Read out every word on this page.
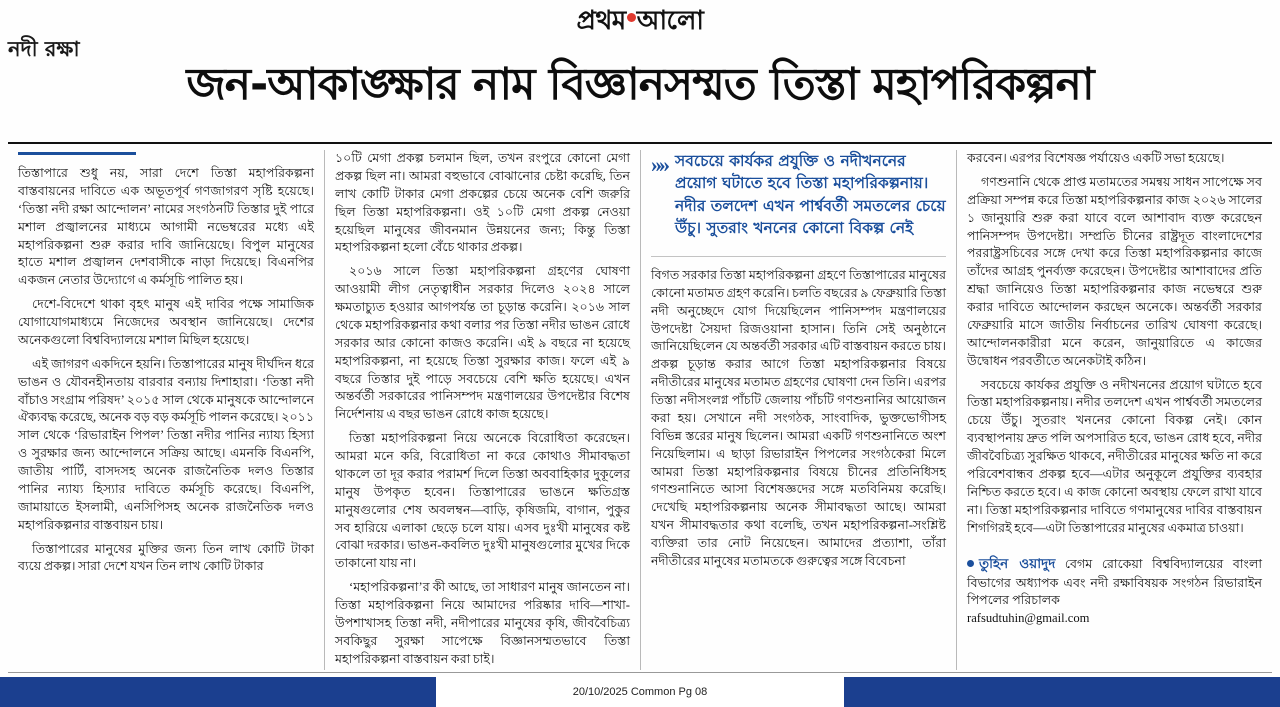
প্রথম আলো
নদী রক্ষা
জন-আকাঙ্ক্ষার নাম বিজ্ঞানসম্মত তিস্তা মহাপরিকল্পনা

তিস্তাপারে শুধু নয়, সারা দেশে তিস্তা মহাপরিকল্পনা বাস্তবায়নের দাবিতে এক অভূতপূর্ব গণজাগরণ সৃষ্টি হয়েছে। ‘তিস্তা নদী রক্ষা আন্দোলন’ নামের সংগঠনটি তিস্তার দুই পারে মশাল প্রজ্বালনের মাধ্যমে আগামী নভেম্বরের মধ্যে এই মহাপরিকল্পনা শুরু করার দাবি জানিয়েছে। বিপুল মানুষের হাতে মশাল প্রজ্বালন দেশবাসীকে নাড়া দিয়েছে। বিএনপির একজন নেতার উদ্যোগে এ কর্মসূচি পালিত হয়।

দেশে-বিদেশে থাকা বৃহৎ মানুষ এই দাবির পক্ষে সামাজিক যোগাযোগমাধ্যমে নিজেদের অবস্থান জানিয়েছে। দেশের অনেকগুলো বিশ্ববিদ্যালয়ে মশাল মিছিল হয়েছে।

এই জাগরণ একদিনে হয়নি। তিস্তাপারের মানুষ দীর্ঘদিন ধরে ভাঙন ও যৌবনহীনতায় বারবার বন্যায় দিশাহারা। ‘তিস্তা নদী বাঁচাও সংগ্রাম পরিষদ’ ২০১৫ সাল থেকে মানুষকে আন্দোলনে ঐক্যবদ্ধ করেছে, অনেক বড় বড় কর্মসূচি পালন করেছে। ২০১১ সাল থেকে ‘রিভারাইন পিপল’ তিস্তা নদীর পানির ন্যায্য হিস্যা ও সুরক্ষার জন্য আন্দোলনে সক্রিয় আছে। এমনকি বিএনপি, জাতীয় পার্টি, বাসদসহ অনেক রাজনৈতিক দলও তিস্তার পানির ন্যায্য হিস্যার দাবিতে কর্মসূচি করেছে। বিএনপি, জামায়াতে ইসলামী, এনসিপিসহ অনেক রাজনৈতিক দলও মহাপরিকল্পনার বাস্তবায়ন চায়।

তিস্তাপারের মানুষের মুক্তির জন্য তিন লাখ কোটি টাকা ব্যয়ে প্রকল্প। সারা দেশে যখন তিন লাখ কোটি টাকার

১০টি মেগা প্রকল্প চলমান ছিল, তখন রংপুরে কোনো মেগা প্রকল্প ছিল না। আমরা বহুভাবে বোঝানোর চেষ্টা করেছি, তিন লাখ কোটি টাকার মেগা প্রকল্পের চেয়ে অনেক বেশি জরুরি ছিল তিস্তা মহাপরিকল্পনা। ওই ১০টি মেগা প্রকল্প নেওয়া হয়েছিল মানুষের জীবনমান উন্নয়নের জন্য; কিন্তু তিস্তা মহাপরিকল্পনা হলো বেঁচে থাকার প্রকল্প।

২০১৬ সালে তিস্তা মহাপরিকল্পনা গ্রহণের ঘোষণা আওয়ামী লীগ নেতৃত্বাধীন সরকার দিলেও ২০২৪ সালে ক্ষমতাচ্যুত হওয়ার আগপর্যন্ত তা চূড়ান্ত করেনি। ২০১৬ সাল থেকে মহাপরিকল্পনার কথা বলার পর তিস্তা নদীর ভাঙন রোধে সরকার আর কোনো কাজও করেনি। এই ৯ বছরে না হয়েছে মহাপরিকল্পনা, না হয়েছে তিস্তা সুরক্ষার কাজ। ফলে এই ৯ বছরে তিস্তার দুই পাড়ে সবচেয়ে বেশি ক্ষতি হয়েছে। এখন অন্তর্বর্তী সরকারের পানিসম্পদ মন্ত্রণালয়ের উপদেষ্টার বিশেষ নির্দেশনায় এ বছর ভাঙন রোধে কাজ হয়েছে।

তিস্তা মহাপরিকল্পনা নিয়ে অনেকে বিরোধিতা করেছেন। আমরা মনে করি, বিরোধিতা না করে কোথাও সীমাবদ্ধতা থাকলে তা দূর করার পরামর্শ দিলে তিস্তা অববাহিকার দুকূলের মানুষ উপকৃত হবেন। তিস্তাপারের ভাঙনে ক্ষতিগ্রস্ত মানুষগুলোর শেষ অবলম্বন—বাড়ি, কৃষিজমি, বাগান, পুকুর সব হারিয়ে এলাকা ছেড়ে চলে যায়। এসব দুঃখী মানুষের কষ্ট বোঝা দরকার। ভাঙন-কবলিত দুঃখী মানুষগুলোর মুখের দিকে তাকানো যায় না।

‘মহাপরিকল্পনা’র কী আছে, তা সাধারণ মানুষ জানতেন না। তিস্তা মহাপরিকল্পনা নিয়ে আমাদের পরিষ্কার দাবি—শাখা-উপশাখাসহ তিস্তা নদী, নদীপারের মানুষের কৃষি, জীববৈচিত্র্য সবকিছুর সুরক্ষা সাপেক্ষে বিজ্ঞানসম্মতভাবে তিস্তা মহাপরিকল্পনা বাস্তবায়ন করা চাই।

»» সবচেয়ে কার্যকর প্রযুক্তি ও নদীখননের প্রয়োগ ঘটাতে হবে তিস্তা মহাপরিকল্পনায়। নদীর তলদেশ এখন পার্শ্ববর্তী সমতলের চেয়ে উঁচু। সুতরাং খননের কোনো বিকল্প নেই

বিগত সরকার তিস্তা মহাপরিকল্পনা গ্রহণে তিস্তাপারের মানুষের কোনো মতামত গ্রহণ করেনি। চলতি বছরের ৯ ফেব্রুয়ারি তিস্তা নদী অনুচ্ছেদে যোগ দিয়েছিলেন পানিসম্পদ মন্ত্রণালয়ের উপদেষ্টা সৈয়দা রিজওয়ানা হাসান। তিনি সেই অনুষ্ঠানে জানিয়েছিলেন যে অন্তর্বর্তী সরকার এটি বাস্তবায়ন করতে চায়। প্রকল্প চূড়ান্ত করার আগে তিস্তা মহাপরিকল্পনার বিষয়ে নদীতীরের মানুষের মতামত গ্রহণের ঘোষণা দেন তিনি। এরপর তিস্তা নদীসংলগ্ন পাঁচটি জেলায় পাঁচটি গণশুনানির আয়োজন করা হয়। সেখানে নদী সংগঠক, সাংবাদিক, ভুক্তভোগীসহ বিভিন্ন স্তরের মানুষ ছিলেন। আমরা একটি গণশুনানিতে অংশ নিয়েছিলাম। এ ছাড়া রিভারাইন পিপলের সংগঠকেরা মিলে আমরা তিস্তা মহাপরিকল্পনার বিষয়ে চীনের প্রতিনিধিসহ গণশুনানিতে আসা বিশেষজ্ঞদের সঙ্গে মতবিনিময় করেছি। দেখেছি মহাপরিকল্পনায় অনেক সীমাবদ্ধতা আছে। আমরা যখন সীমাবদ্ধতার কথা বলেছি, তখন মহাপরিকল্পনা-সংশ্লিষ্ট ব্যক্তিরা তার নোট নিয়েছেন। আমাদের প্রত্যাশা, তাঁরা নদীতীরের মানুষের মতামতকে গুরুত্বের সঙ্গে বিবেচনা

করবেন। এরপর বিশেষজ্ঞ পর্যায়েও একটি সভা হয়েছে।

গণশুনানি থেকে প্রাপ্ত মতামতের সমন্বয় সাধন সাপেক্ষে সব প্রক্রিয়া সম্পন্ন করে তিস্তা মহাপরিকল্পনার কাজ ২০২৬ সালের ১ জানুয়ারি শুরু করা যাবে বলে আশাবাদ ব্যক্ত করেছেন পানিসম্পদ উপদেষ্টা। সম্প্রতি চীনের রাষ্ট্রদূত বাংলাদেশের পররাষ্ট্রসচিবের সঙ্গে দেখা করে তিস্তা মহাপরিকল্পনার কাজে তাঁদের আগ্রহ পুনর্ব্যক্ত করেছেন। উপদেষ্টার আশাবাদের প্রতি শ্রদ্ধা জানিয়েও তিস্তা মহাপরিকল্পনার কাজ নভেম্বরে শুরু করার দাবিতে আন্দোলন করছেন অনেকে। অন্তর্বর্তী সরকার ফেব্রুয়ারি মাসে জাতীয় নির্বাচনের তারিখ ঘোষণা করেছে। আন্দোলনকারীরা মনে করেন, জানুয়ারিতে এ কাজের উদ্বোধন পরবর্তীতে অনেকটাই কঠিন।

সবচেয়ে কার্যকর প্রযুক্তি ও নদীখননের প্রয়োগ ঘটাতে হবে তিস্তা মহাপরিকল্পনায়। নদীর তলদেশ এখন পার্শ্ববর্তী সমতলের চেয়ে উঁচু। সুতরাং খননের কোনো বিকল্প নেই। কোন ব্যবস্থাপনায় দ্রুত পলি অপসারিত হবে, ভাঙন রোধ হবে, নদীর জীববৈচিত্র্য সুরক্ষিত থাকবে, নদীতীরের মানুষের ক্ষতি না করে পরিবেশবান্ধব প্রকল্প হবে—এটার অনুকূলে প্রযুক্তির ব্যবহার নিশ্চিত করতে হবে। এ কাজ কোনো অবস্থায় ফেলে রাখা যাবে না। তিস্তা মহাপরিকল্পনার দাবিতে গণমানুষের দাবির বাস্তবায়ন শিগগিরই হবে—এটা তিস্তাপারের মানুষের একমাত্র চাওয়া।

তুহিন ওয়াদুদ বেগম রোকেয়া বিশ্ববিদ্যালয়ের বাংলা বিভাগের অধ্যাপক এবং নদী রক্ষাবিষয়ক সংগঠন রিভারাইন পিপলের পরিচালক
rafsudtuhin@gmail.com
20/10/2025 Common Pg 08
